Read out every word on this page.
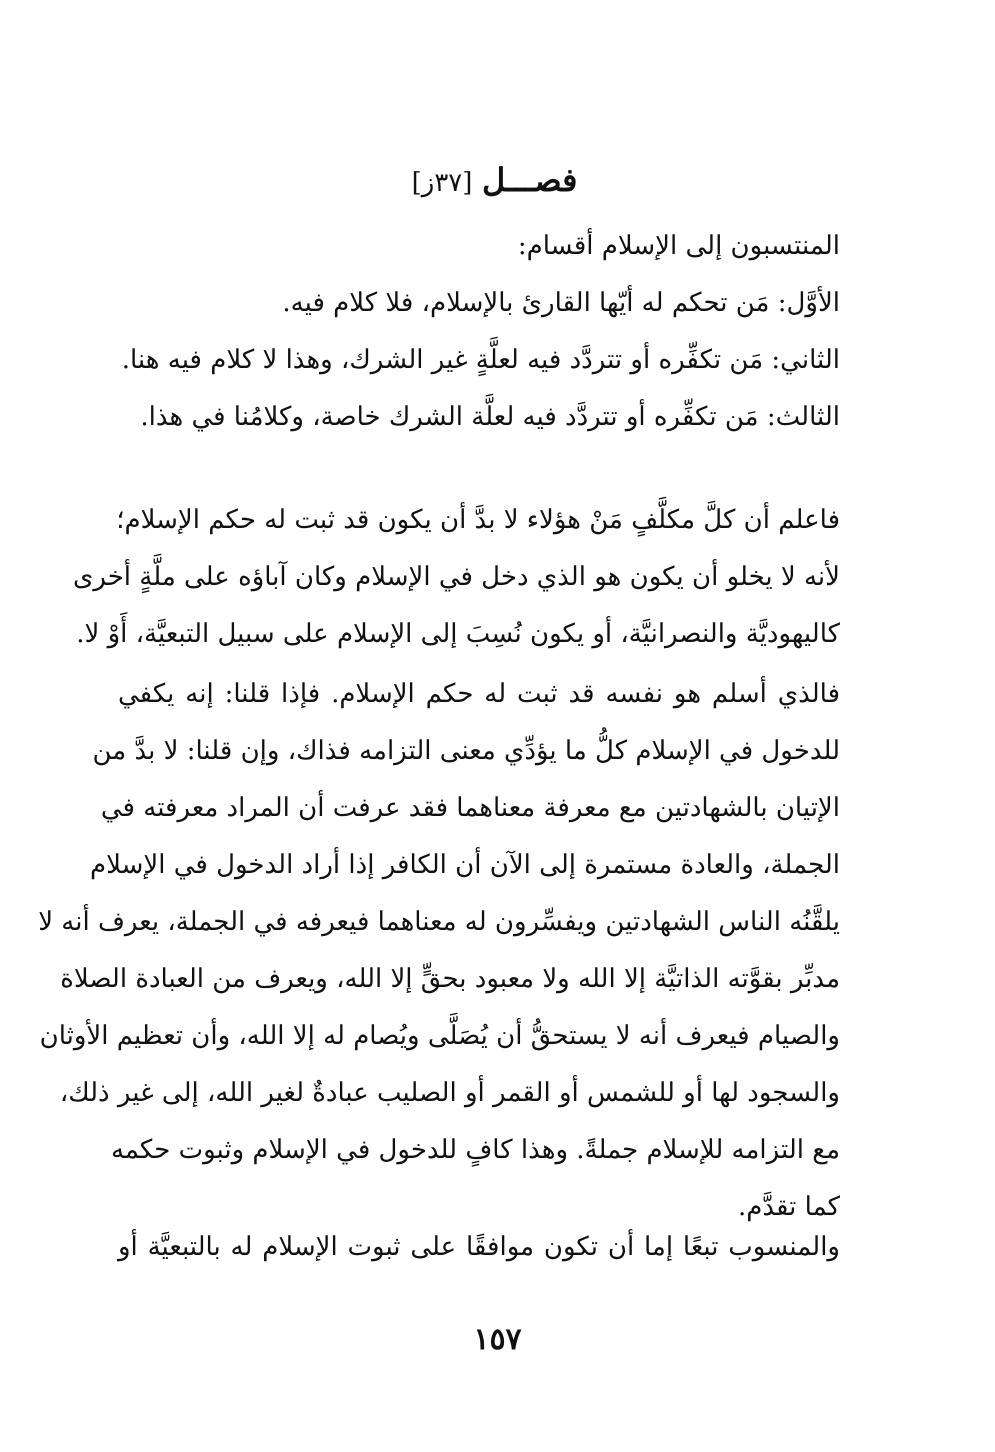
فصـــل [٣٧ز]
المنتسبون إلى الإسلام أقسام:
الأوَّل: مَن تحكم له أيّها القارئ بالإسلام، فلا كلام فيه.
الثاني: مَن تكفِّره أو تتردَّد فيه لعلَّةٍ غير الشرك، وهذا لا كلام فيه هنا.
الثالث: مَن تكفِّره أو تتردَّد فيه لعلَّة الشرك خاصة، وكلامُنا في هذا.
فاعلم أن كلَّ مكلَّفٍ مَنْ هؤلاء لا بدَّ أن يكون قد ثبت له حكم الإسلام؛
لأنه لا يخلو أن يكون هو الذي دخل في الإسلام وكان آباؤه على ملَّةٍ أخرى
كاليهوديَّة والنصرانيَّة، أو يكون نُسِبَ إلى الإسلام على سبيل التبعيَّة، أَوْ لا.
فالذي أسلم هو نفسه قد ثبت له حكم الإسلام. فإذا قلنا: إنه يكفي
للدخول في الإسلام كلُّ ما يؤدِّي معنى التزامه فذاك، وإن قلنا: لا بدَّ من
الإتيان بالشهادتين مع معرفة معناهما فقد عرفت أن المراد معرفته في
الجملة، والعادة مستمرة إلى الآن أن الكافر إذا أراد الدخول في الإسلام
يلقَّنُه الناس الشهادتين ويفسِّرون له معناهما فيعرفه في الجملة، يعرف أنه لا
مدبِّر بقوَّته الذاتيَّة إلا الله ولا معبود بحقٍّ إلا الله، ويعرف من العبادة الصلاة
والصيام فيعرف أنه لا يستحقُّ أن يُصَلَّى ويُصام له إلا الله، وأن تعظيم الأوثان
والسجود لها أو للشمس أو القمر أو الصليب عبادةٌ لغير الله، إلى غير ذلك،
مع التزامه للإسلام جملةً. وهذا كافٍ للدخول في الإسلام وثبوت حكمه
كما تقدَّم.
والمنسوب تبعًا إما أن تكون موافقًا على ثبوت الإسلام له بالتبعيَّة أو
١٥٧
